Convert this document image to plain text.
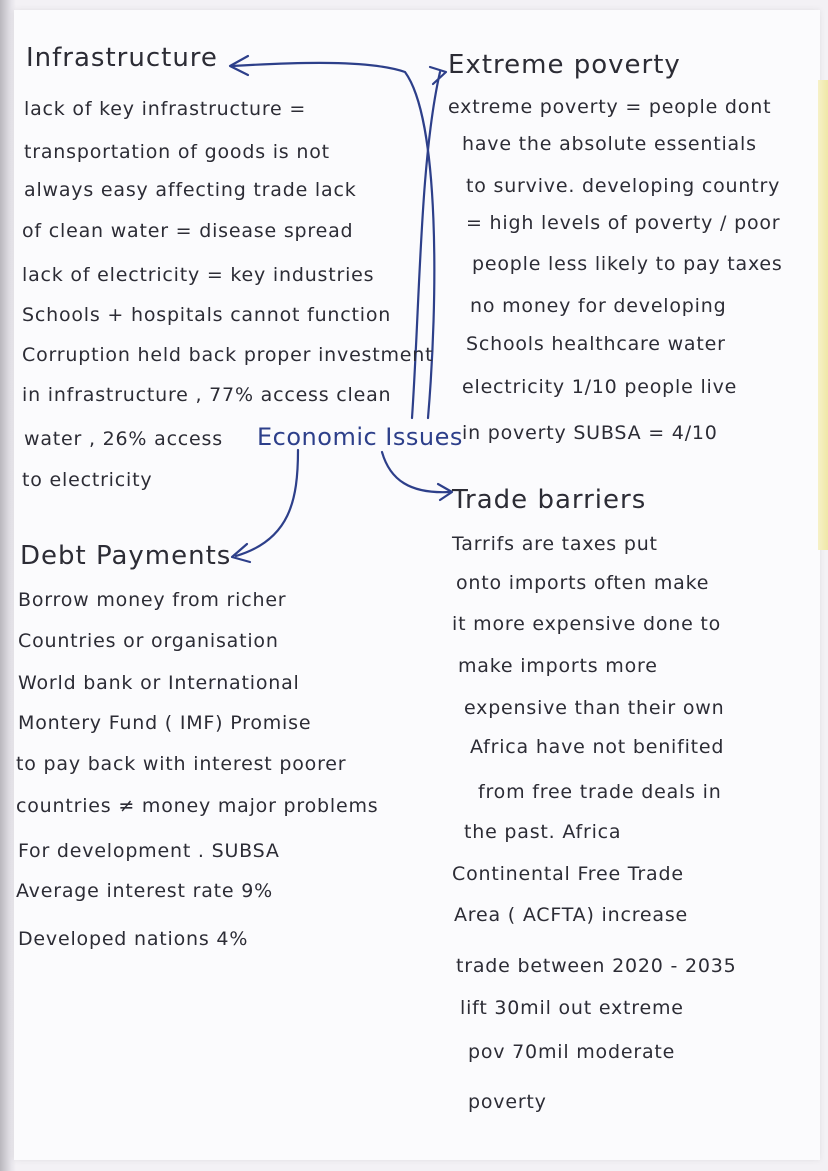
Economic Issues
Infrastructure
lack of key infrastructure =
transportation of goods is not
always easy affecting trade lack
of clean water = disease spread
lack of electricity = key industries
Schools + hospitals cannot function
Corruption held back proper investment
in infrastructure , 77% access clean
water , 26% access
to electricity
Extreme poverty
extreme poverty = people dont
have the absolute essentials
to survive. developing country
= high levels of poverty / poor
people less likely to pay taxes
no money for developing
Schools healthcare water
electricity 1/10 people live
in poverty SUBSA = 4/10
Debt Payments
Borrow money from richer
Countries or organisation
World bank or International
Montery Fund ( IMF) Promise
to pay back with interest poorer
countries ≠ money major problems
For development . SUBSA
Average interest rate 9%
Developed nations 4%
Trade barriers
Tarrifs are taxes put
onto imports often make
it more expensive done to
make imports more
expensive than their own
Africa have not benifited
from free trade deals in
the past. Africa
Continental Free Trade
Area ( ACFTA) increase
trade between 2020 - 2035
lift 30mil out extreme
pov 70mil moderate
poverty
